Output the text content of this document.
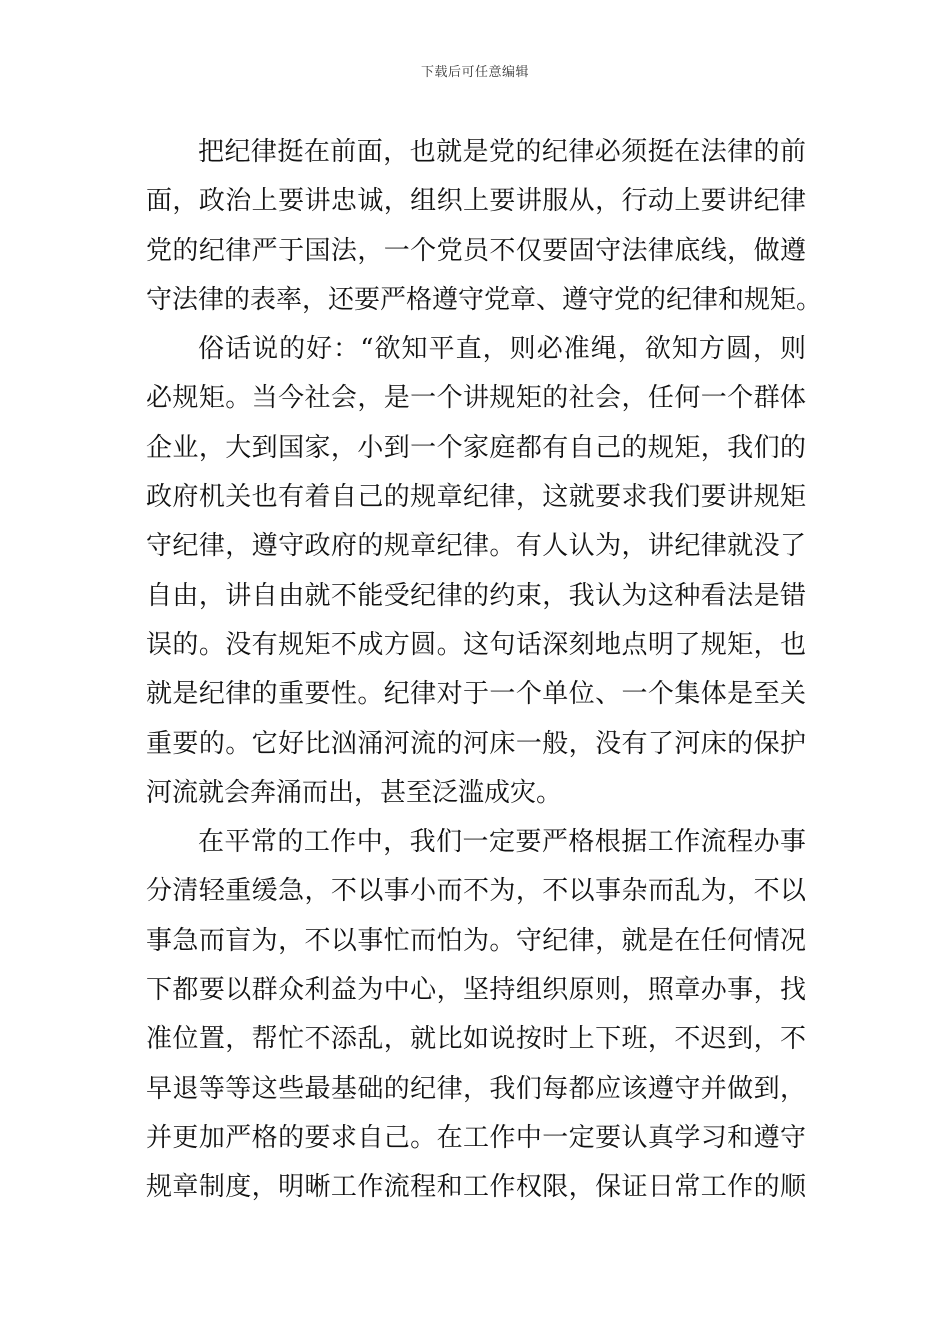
下载后可任意编辑
把纪律挺在前面，也就是党的纪律必须挺在法律的前
面，政治上要讲忠诚，组织上要讲服从，行动上要讲纪律
党的纪律严于国法，一个党员不仅要固守法律底线，做遵
守法律的表率，还要严格遵守党章、遵守党的纪律和规矩。
俗话说的好：“欲知平直，则必准绳，欲知方圆，则
必规矩。当今社会，是一个讲规矩的社会，任何一个群体
企业，大到国家，小到一个家庭都有自己的规矩，我们的
政府机关也有着自己的规章纪律，这就要求我们要讲规矩
守纪律，遵守政府的规章纪律。有人认为，讲纪律就没了
自由，讲自由就不能受纪律的约束，我认为这种看法是错
误的。没有规矩不成方圆。这句话深刻地点明了规矩，也
就是纪律的重要性。纪律对于一个单位、一个集体是至关
重要的。它好比汹涌河流的河床一般，没有了河床的保护
河流就会奔涌而出，甚至泛滥成灾。
在平常的工作中，我们一定要严格根据工作流程办事
分清轻重缓急，不以事小而不为，不以事杂而乱为，不以
事急而盲为，不以事忙而怕为。守纪律，就是在任何情况
下都要以群众利益为中心，坚持组织原则，照章办事，找
准位置，帮忙不添乱，就比如说按时上下班，不迟到，不
早退等等这些最基础的纪律，我们每都应该遵守并做到，
并更加严格的要求自己。在工作中一定要认真学习和遵守
规章制度，明晰工作流程和工作权限，保证日常工作的顺
